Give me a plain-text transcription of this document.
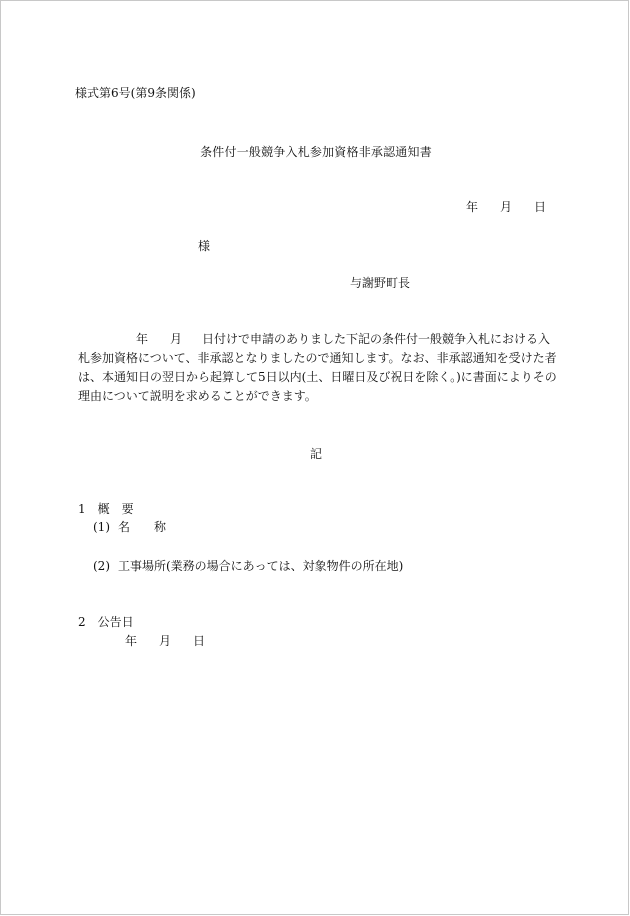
様式第6号(第9条関係)
条件付一般競争入札参加資格非承認通知書
年 月 日
様
与謝野町長
年 月 日付けで申請のありました下記の条件付一般競争入札における入
札参加資格について、非承認となりましたので通知します。なお、非承認通知を受けた者
は、本通知日の翌日から起算して5日以内(土、日曜日及び祝日を除く。)に書面によりその
理由について説明を求めることができます。
記
1 概　要
(1) 名　　称
(2) 工事場所(業務の場合にあっては、対象物件の所在地)
2 公告日
年 月 日
